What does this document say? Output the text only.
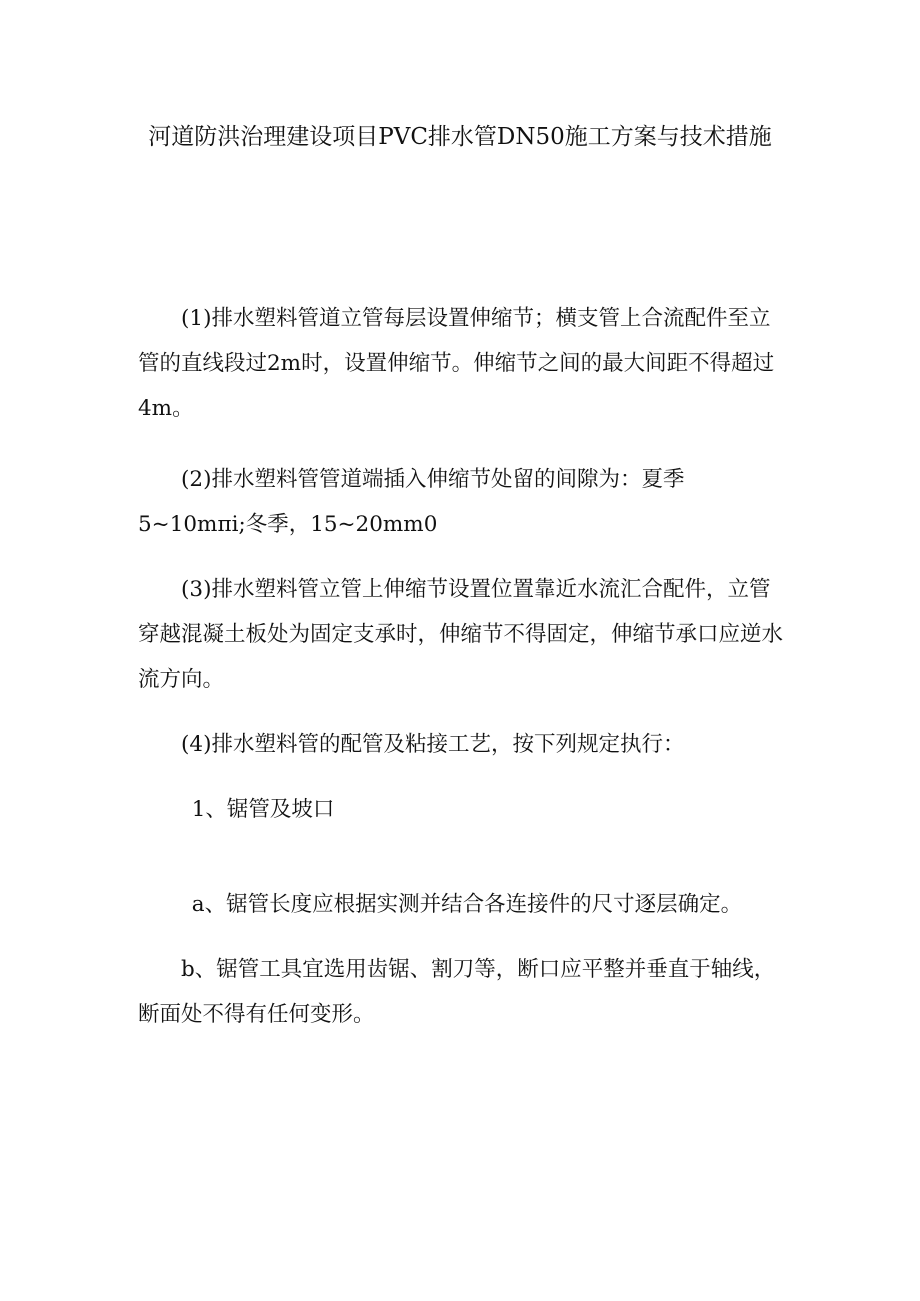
河道防洪治理建设项目PVC排水管DN50施工方案与技术措施

(1)排水塑料管道立管每层设置伸缩节；横支管上合流配件至立管的直线段过2m时，设置伸缩节。伸缩节之间的最大间距不得超过4m。

(2)排水塑料管管道端插入伸缩节处留的间隙为：夏季5~10mπi;冬季，15~20mm0

(3)排水塑料管立管上伸缩节设置位置靠近水流汇合配件，立管穿越混凝土板处为固定支承时，伸缩节不得固定，伸缩节承口应逆水流方向。

(4)排水塑料管的配管及粘接工艺，按下列规定执行：

1、锯管及坡口

a、锯管长度应根据实测并结合各连接件的尺寸逐层确定。

b、锯管工具宜选用齿锯、割刀等，断口应平整并垂直于轴线，断面处不得有任何变形。
